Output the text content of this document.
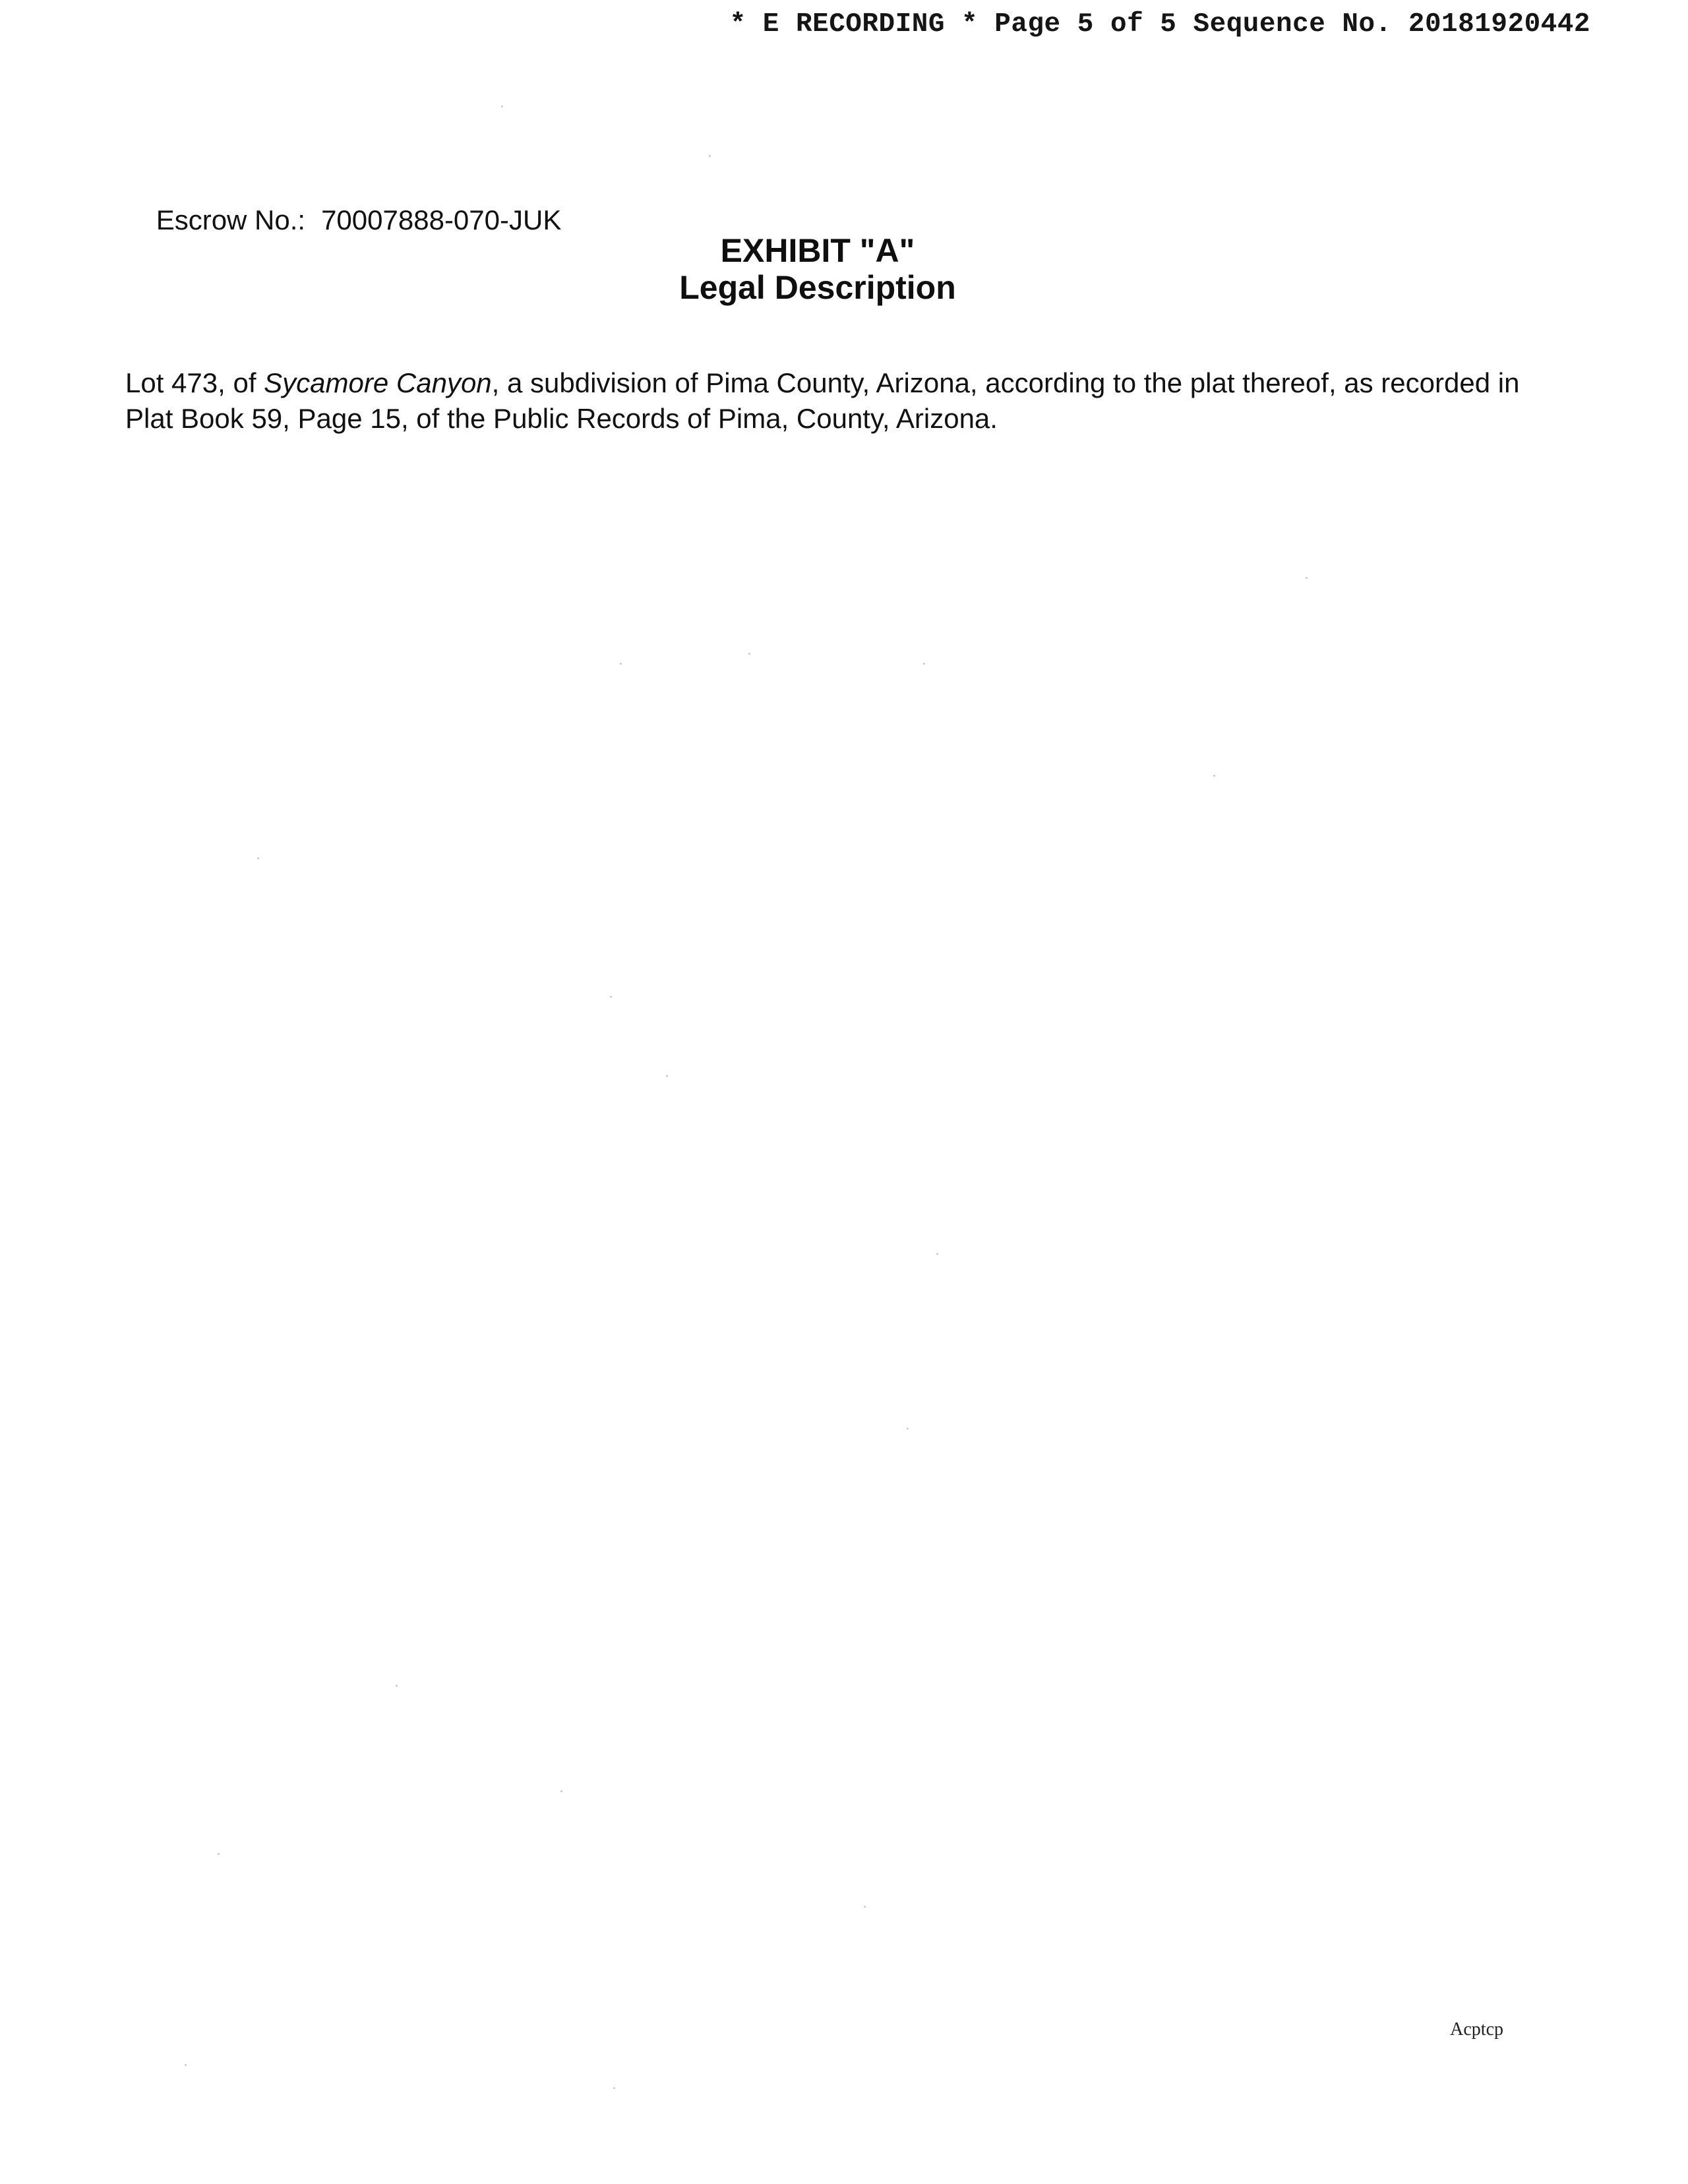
* E RECORDING * Page 5 of 5 Sequence No. 20181920442

Escrow No.: 70007888-070-JUK

EXHIBIT "A"
Legal Description
Lot 473, of Sycamore Canyon, a subdivision of Pima County, Arizona, according to the plat thereof, as recorded in Plat Book 59, Page 15, of the Public Records of Pima, County, Arizona.
Acptcp
